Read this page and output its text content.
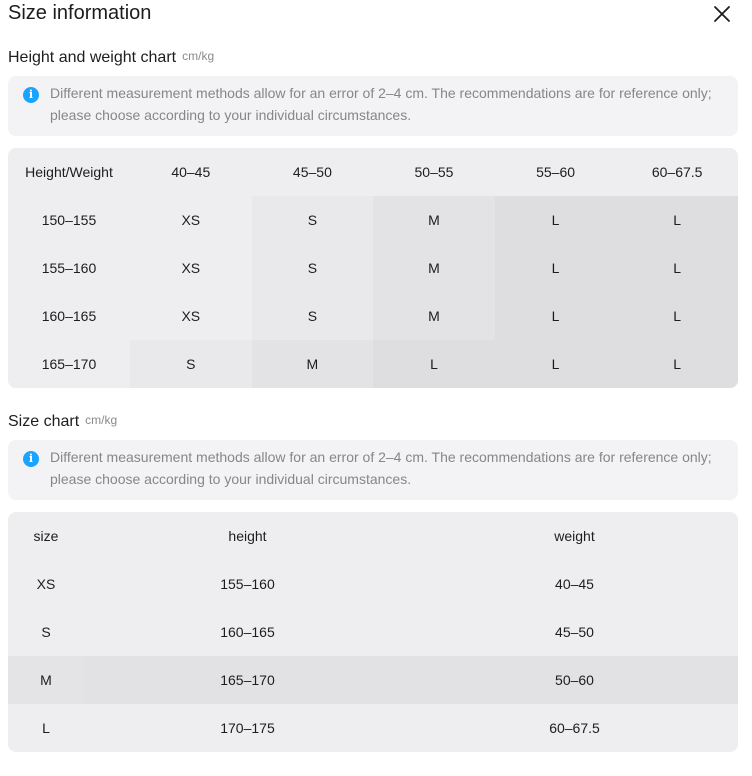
Size information
Height and weight chart cm/kg
i	Different measurement methods allow for an error of 2–4 cm. The recommendations are for reference only; please choose according to your individual circumstances.
Height/Weight	40–45	45–50	50–55	55–60	60–67.5
150–155	XS	S	M	L	L
155–160	XS	S	M	L	L
160–165	XS	S	M	L	L
165–170	S	M	L	L	L
Size chart cm/kg
i	Different measurement methods allow for an error of 2–4 cm. The recommendations are for reference only; please choose according to your individual circumstances.
size	height	weight
XS	155–160	40–45
S	160–165	45–50
M	165–170	50–60
L	170–175	60–67.5
